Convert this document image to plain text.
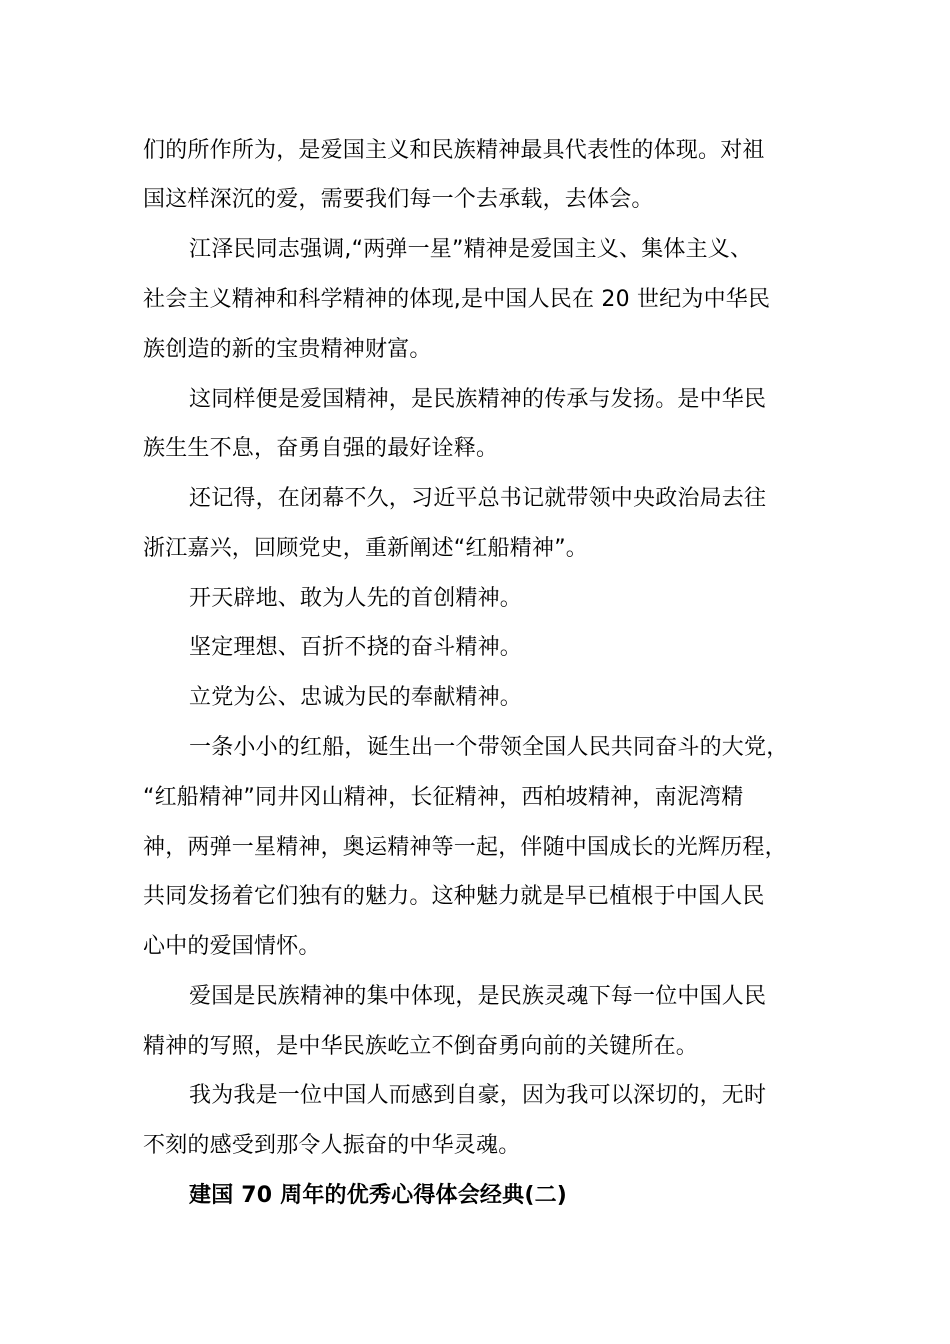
们的所作所为，是爱国主义和民族精神最具代表性的体现。对祖
国这样深沉的爱，需要我们每一个去承载，去体会。
江泽民同志强调,“两弹一星”精神是爱国主义、集体主义、
社会主义精神和科学精神的体现,是中国人民在 20 世纪为中华民
族创造的新的宝贵精神财富。
这同样便是爱国精神，是民族精神的传承与发扬。是中华民
族生生不息，奋勇自强的最好诠释。
还记得，在闭幕不久，习近平总书记就带领中央政治局去往
浙江嘉兴，回顾党史，重新阐述“红船精神”。
开天辟地、敢为人先的首创精神。
坚定理想、百折不挠的奋斗精神。
立党为公、忠诚为民的奉献精神。
一条小小的红船，诞生出一个带领全国人民共同奋斗的大党，
“红船精神”同井冈山精神，长征精神，西柏坡精神，南泥湾精
神，两弹一星精神，奥运精神等一起，伴随中国成长的光辉历程，
共同发扬着它们独有的魅力。这种魅力就是早已植根于中国人民
心中的爱国情怀。
爱国是民族精神的集中体现，是民族灵魂下每一位中国人民
精神的写照，是中华民族屹立不倒奋勇向前的关键所在。
我为我是一位中国人而感到自豪，因为我可以深切的，无时
不刻的感受到那令人振奋的中华灵魂。
建国 70 周年的优秀心得体会经典(二)
